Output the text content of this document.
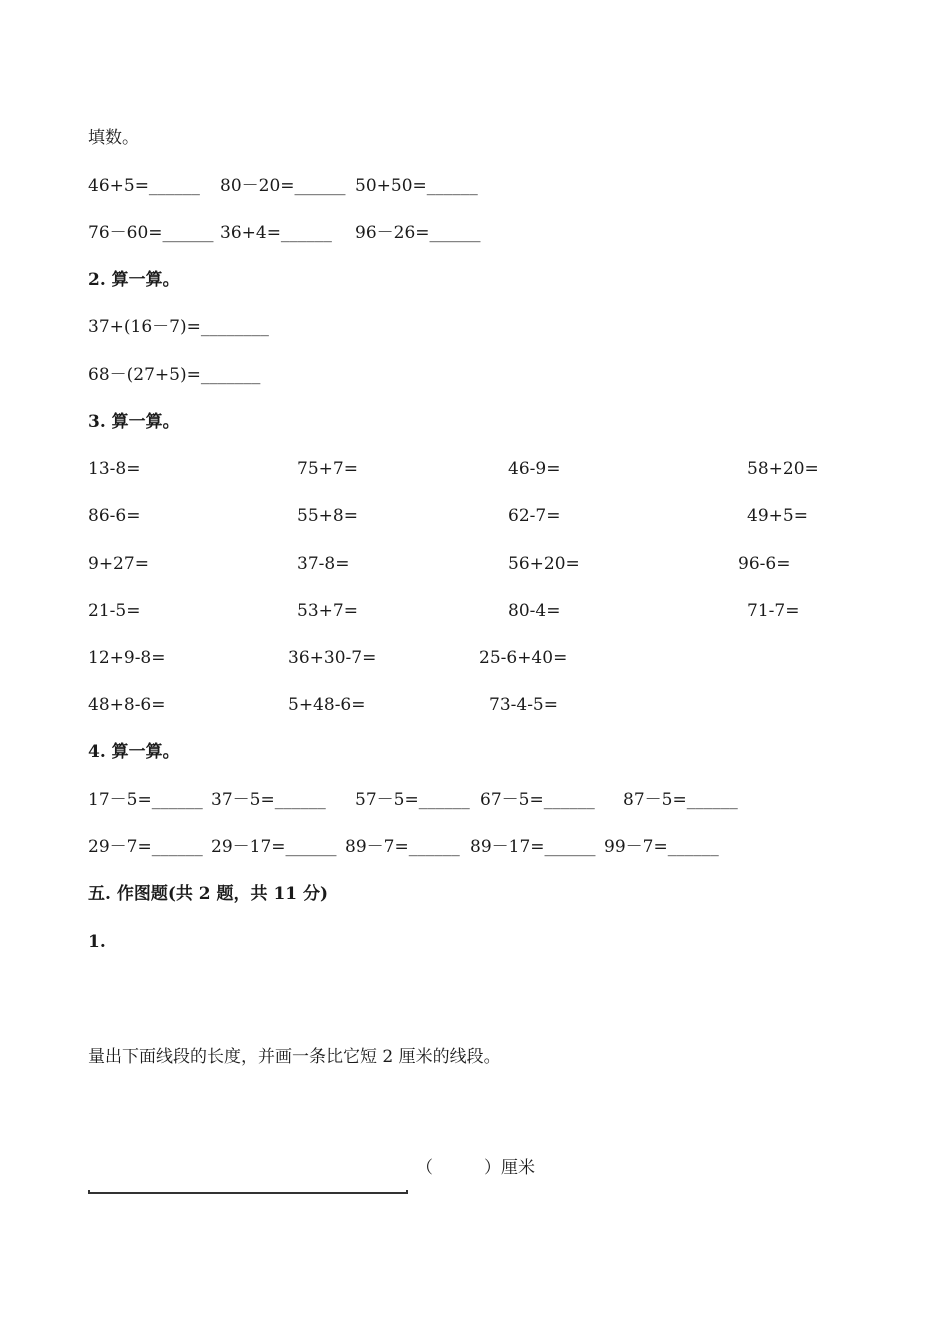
填数。
46+5=______ 80－20=______ 50+50=______
76－60=______ 36+4=______ 96－26=______
2. 算一算。
37+(16－7)=________
68－(27+5)=_______
3. 算一算。
13-8=	75+7=	46-9=	58+20=
86-6=	55+8=	62-7=	49+5=
9+27=	37-8=	56+20=	96-6=
21-5=	53+7=	80-4=	71-7=
12+9-8=	36+30-7=	25-6+40=
48+8-6=	5+48-6=	73-4-5=
4. 算一算。
17－5=______ 37－5=______ 57－5=______ 67－5=______ 87－5=______
29－7=______ 29－17=______ 89－7=______ 89－17=______ 99－7=______
五. 作图题(共 2 题，共 11 分)
1.
量出下面线段的长度，并画一条比它短 2 厘米的线段。
（　　　）厘米
